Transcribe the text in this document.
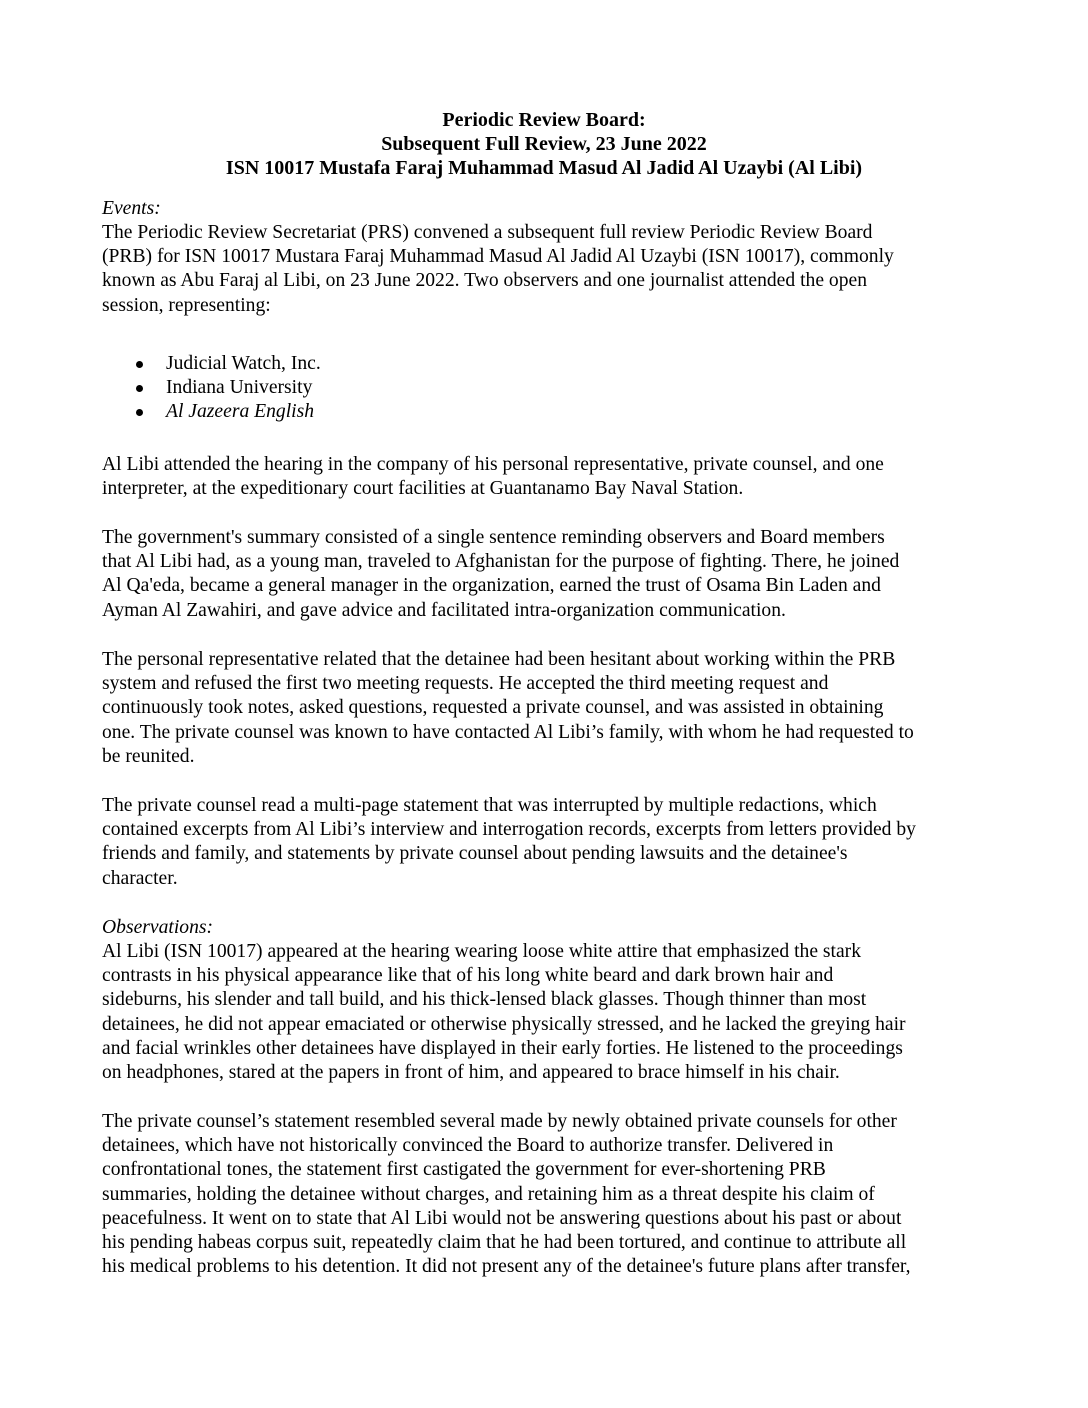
Periodic Review Board:
Subsequent Full Review, 23 June 2022
ISN 10017 Mustafa Faraj Muhammad Masud Al Jadid Al Uzaybi (Al Libi)
Events:
The Periodic Review Secretariat (PRS) convened a subsequent full review Periodic Review Board
(PRB) for ISN 10017 Mustara Faraj Muhammad Masud Al Jadid Al Uzaybi (ISN 10017), commonly
known as Abu Faraj al Libi, on 23 June 2022. Two observers and one journalist attended the open
session, representing:
Judicial Watch, Inc.
Indiana University
Al Jazeera English
Al Libi attended the hearing in the company of his personal representative, private counsel, and one
interpreter, at the expeditionary court facilities at Guantanamo Bay Naval Station.
The government's summary consisted of a single sentence reminding observers and Board members
that Al Libi had, as a young man, traveled to Afghanistan for the purpose of fighting. There, he joined
Al Qa'eda, became a general manager in the organization, earned the trust of Osama Bin Laden and
Ayman Al Zawahiri, and gave advice and facilitated intra-organization communication.
The personal representative related that the detainee had been hesitant about working within the PRB
system and refused the first two meeting requests. He accepted the third meeting request and
continuously took notes, asked questions, requested a private counsel, and was assisted in obtaining
one. The private counsel was known to have contacted Al Libi’s family, with whom he had requested to
be reunited.
The private counsel read a multi-page statement that was interrupted by multiple redactions, which
contained excerpts from Al Libi’s interview and interrogation records, excerpts from letters provided by
friends and family, and statements by private counsel about pending lawsuits and the detainee's
character.
Observations:
Al Libi (ISN 10017) appeared at the hearing wearing loose white attire that emphasized the stark
contrasts in his physical appearance like that of his long white beard and dark brown hair and
sideburns, his slender and tall build, and his thick-lensed black glasses. Though thinner than most
detainees, he did not appear emaciated or otherwise physically stressed, and he lacked the greying hair
and facial wrinkles other detainees have displayed in their early forties. He listened to the proceedings
on headphones, stared at the papers in front of him, and appeared to brace himself in his chair.
The private counsel’s statement resembled several made by newly obtained private counsels for other
detainees, which have not historically convinced the Board to authorize transfer. Delivered in
confrontational tones, the statement first castigated the government for ever-shortening PRB
summaries, holding the detainee without charges, and retaining him as a threat despite his claim of
peacefulness. It went on to state that Al Libi would not be answering questions about his past or about
his pending habeas corpus suit, repeatedly claim that he had been tortured, and continue to attribute all
his medical problems to his detention. It did not present any of the detainee's future plans after transfer,
